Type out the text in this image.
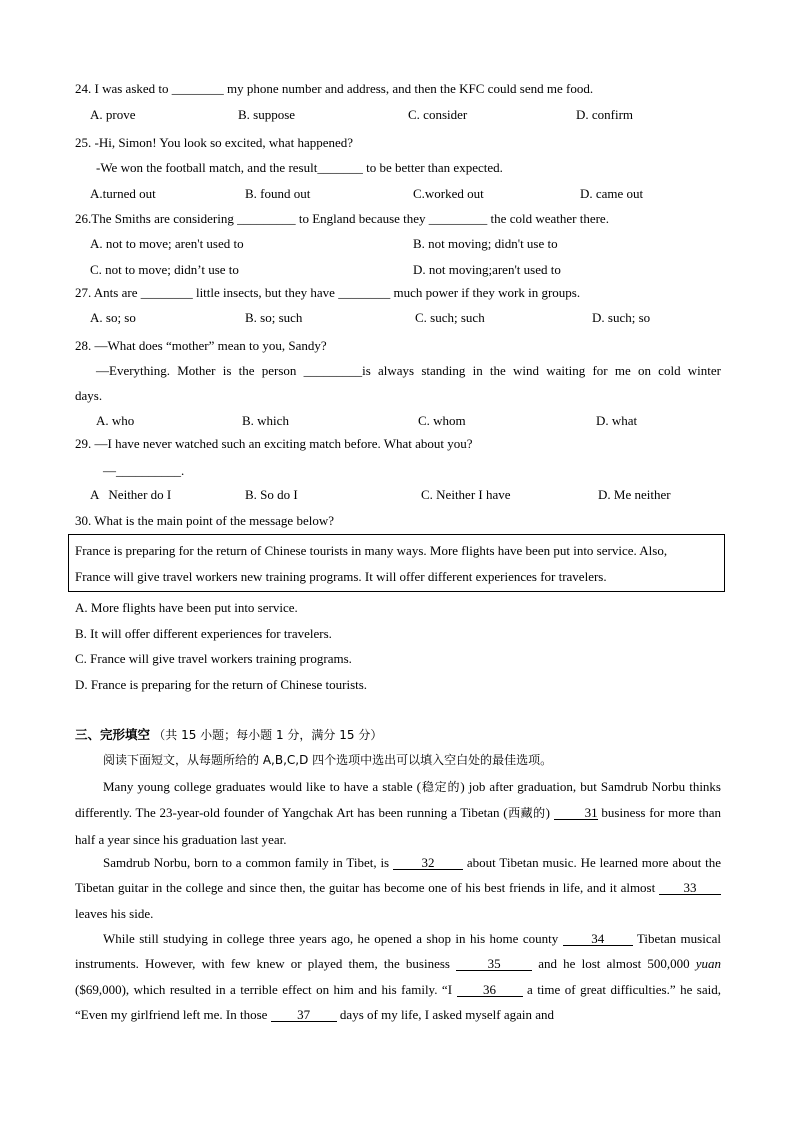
24. I was asked to ________ my phone number and address, and then the KFC could send me food.
A. prove	B. suppose	C. consider	D. confirm
25. -Hi, Simon! You look so excited, what happened?
-We won the football match, and the result_______ to be better than expected.
A.turned out	B. found out	C.worked out	D. came out
26.The Smiths are considering _________ to England because they _________ the cold weather there.
A. not to move; aren't used to	B. not moving; didn't use to
C. not to move; didn’t use to	D. not moving;aren't used to
27. Ants are ________ little insects, but they have ________ much power if they work in groups.
A. so; so	B. so; such	C. such; such	D. such; so
28. —What does “mother” mean to you, Sandy?
—Everything. Mother is the person _________is always standing in the wind waiting for me on cold winter
days.
A. who	B. which	C. whom	D. what
29. —I have never watched such an exciting match before. What about you?
—__________.
A   Neither do I	B. So do I	C. Neither I have	D. Me neither
30. What is the main point of the message below?
France is preparing for the return of Chinese tourists in many ways. More flights have been put into service. Also,
France will give travel workers new training programs. It will offer different experiences for travelers.
A. More flights have been put into service.
B. It will offer different experiences for travelers.
C. France will give travel workers training programs.
D. France is preparing for the return of Chinese tourists.
三、完形填空 （共 15 小题；每小题 1 分，满分 15 分）
阅读下面短文，从每题所给的 A,B,C,D 四个选项中选出可以填入空白处的最佳选项。
Many young college graduates would like to have a stable (稳定的) job after graduation, but Samdrub Norbu thinks differently. The 23-year-old founder of Yangchak Art has been running a Tibetan (西藏的) 31 business for more than half a year since his graduation last year.
Samdrub Norbu, born to a common family in Tibet, is 32 about Tibetan music. He learned more about the Tibetan guitar in the college and since then, the guitar has become one of his best friends in life, and it almost 33 leaves his side.
While still studying in college three years ago, he opened a shop in his home county 34 Tibetan musical instruments. However, with few knew or played them, the business 35 and he lost almost 500,000 yuan ($69,000), which resulted in a terrible effect on him and his family. “I 36 a time of great difficulties.” he said, “Even my girlfriend left me. In those 37 days of my life, I asked myself again and
